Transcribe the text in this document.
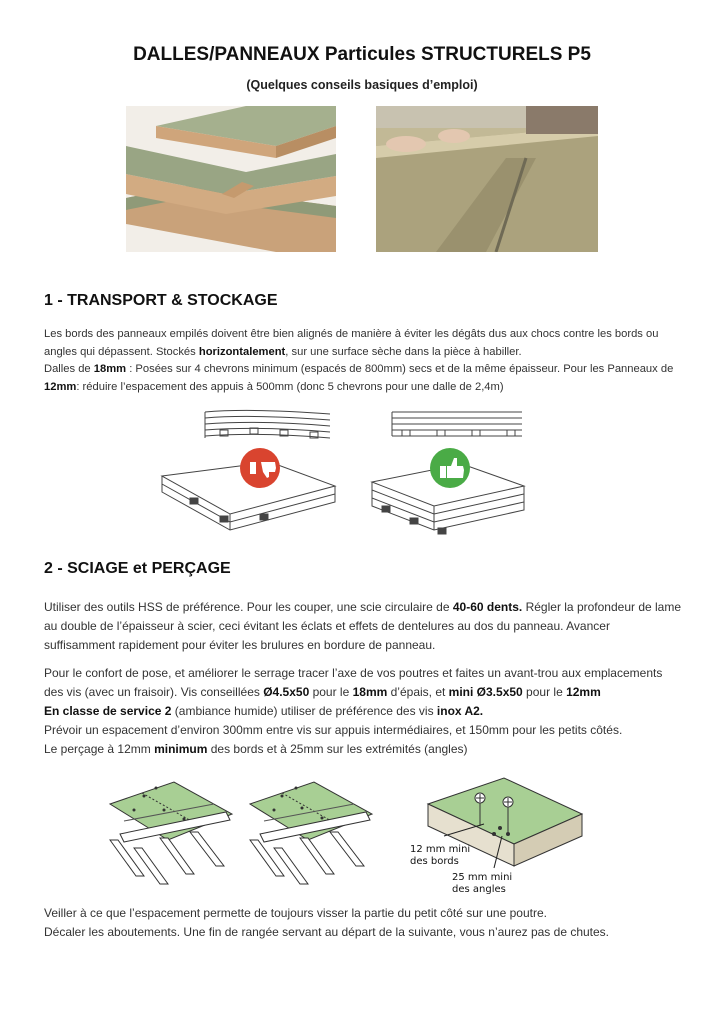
DALLES/PANNEAUX Particules STRUCTURELS P5
(Quelques conseils basiques d’emploi)
1 - TRANSPORT & STOCKAGE

Les bords des panneaux empilés doivent être bien alignés de manière à éviter les dégâts dus aux chocs contre les bords ou angles qui dépassent. Stockés horizontalement, sur une surface sèche dans la pièce à habiller.

Dalles de 18mm : Posées sur 4 chevrons minimum (espacés de 800mm) secs et de la même épaisseur. Pour les Panneaux de 12mm: réduire l’espacement des appuis à 500mm (donc 5 chevrons pour une dalle de 2,4m)

2 - SCIAGE et PERÇAGE

Utiliser des outils HSS de préférence. Pour les couper, une scie circulaire de 40-60 dents. Régler la profondeur de lame au double de l’épaisseur à scier, ceci évitant les éclats et effets de dentelures au dos du panneau. Avancer suffisamment rapidement pour éviter les brulures en bordure de panneau.

Pour le confort de pose, et améliorer le serrage tracer l’axe de vos poutres et faites un avant-trou aux emplacements des vis (avec un fraisoir). Vis conseillées Ø4.5x50 pour le 18mm d’épais, et mini Ø3.5x50 pour le 12mm

En classe de service 2 (ambiance humide) utiliser de préférence des vis inox A2.

Prévoir un espacement d’environ 300mm entre vis sur appuis intermédiaires, et 150mm pour les petits côtés.

Le perçage à 12mm minimum des bords et à 25mm sur les extrémités (angles)

12 mm mini
des bords
25 mm mini
des angles

Veiller à ce que l’espacement permette de toujours visser la partie du petit côté sur une poutre.

Décaler les aboutements. Une fin de rangée servant au départ de la suivante, vous n’aurez pas de chutes.
